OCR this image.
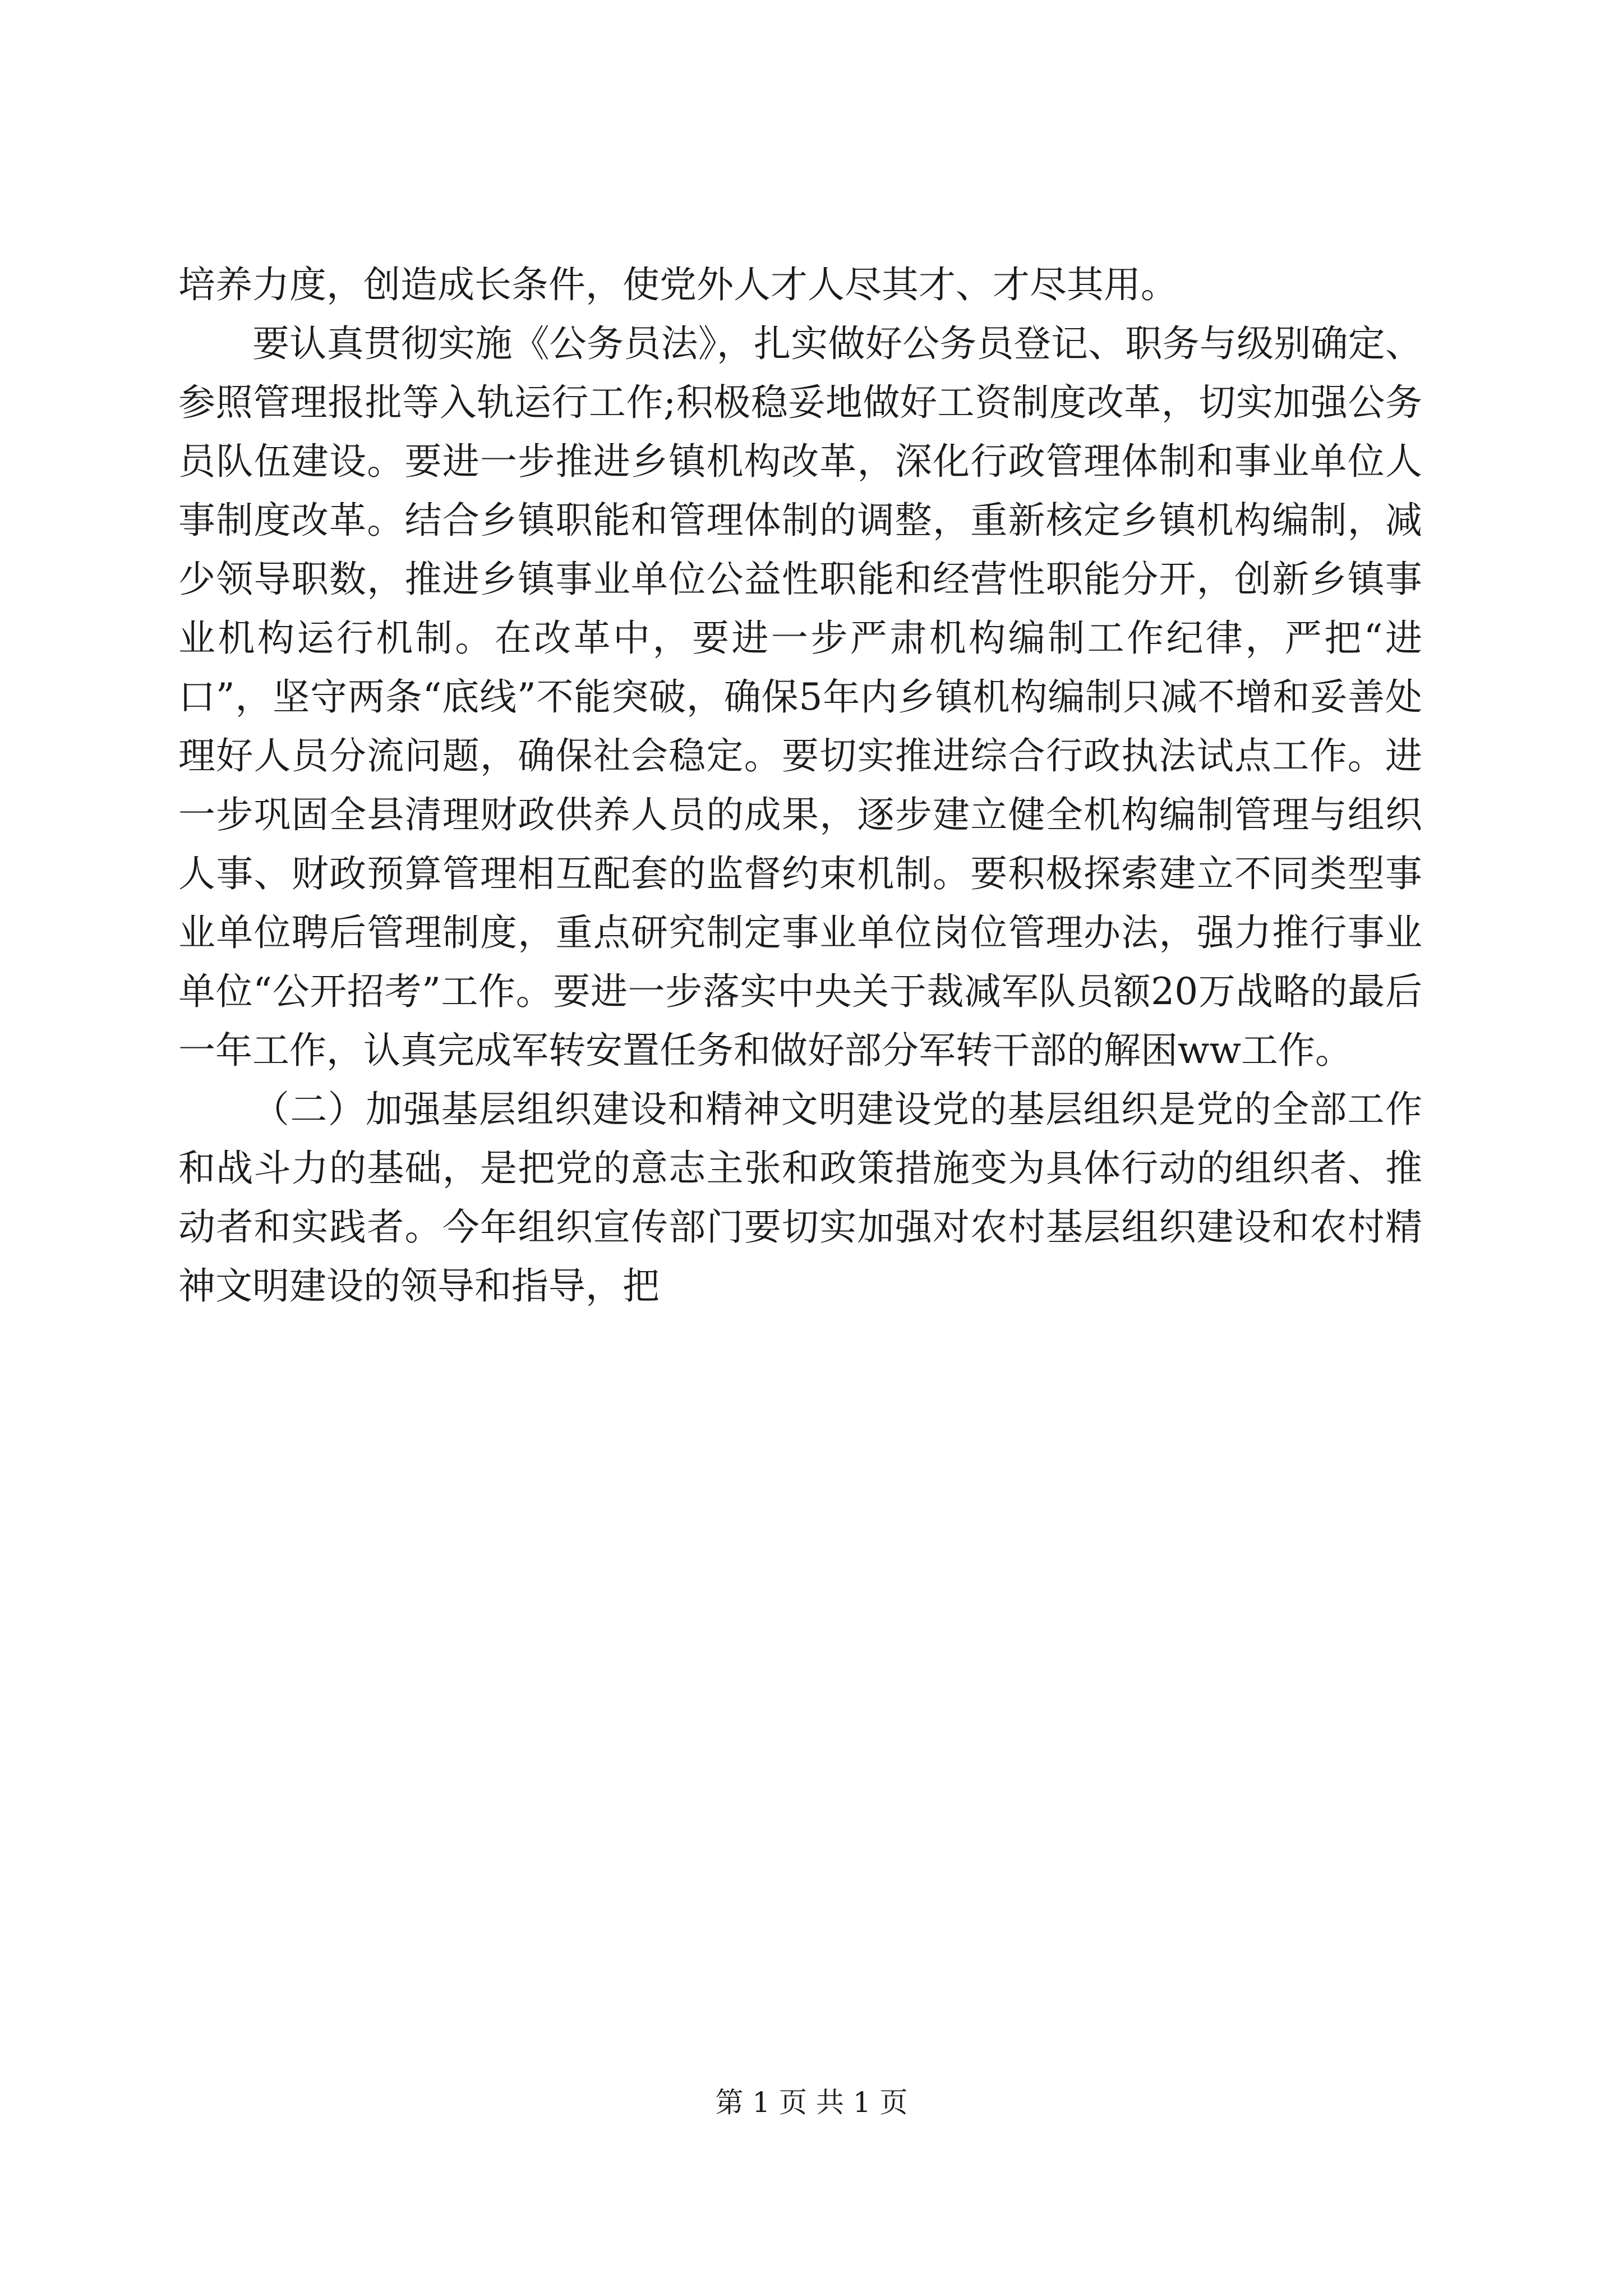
培养力度，创造成长条件，使党外人才人尽其才、才尽其用。

要认真贯彻实施《公务员法》，扎实做好公务员登记、职务与级别确定、参照管理报批等入轨运行工作;积极稳妥地做好工资制度改革，切实加强公务员队伍建设。要进一步推进乡镇机构改革，深化行政管理体制和事业单位人事制度改革。结合乡镇职能和管理体制的调整，重新核定乡镇机构编制，减少领导职数，推进乡镇事业单位公益性职能和经营性职能分开，创新乡镇事业机构运行机制。在改革中，要进一步严肃机构编制工作纪律，严把“进口”，坚守两条“底线”不能突破，确保5年内乡镇机构编制只减不增和妥善处理好人员分流问题，确保社会稳定。要切实推进综合行政执法试点工作。进一步巩固全县清理财政供养人员的成果，逐步建立健全机构编制管理与组织人事、财政预算管理相互配套的监督约束机制。要积极探索建立不同类型事业单位聘后管理制度，重点研究制定事业单位岗位管理办法，强力推行事业单位“公开招考”工作。要进一步落实中央关于裁减军队员额20万战略的最后一年工作，认真完成军转安置任务和做好部分军转干部的解困ww工作。

（二）加强基层组织建设和精神文明建设党的基层组织是党的全部工作和战斗力的基础，是把党的意志主张和政策措施变为具体行动的组织者、推动者和实践者。今年组织宣传部门要切实加强对农村基层组织建设和农村精神文明建设的领导和指导，把

第 1 页 共 1 页
